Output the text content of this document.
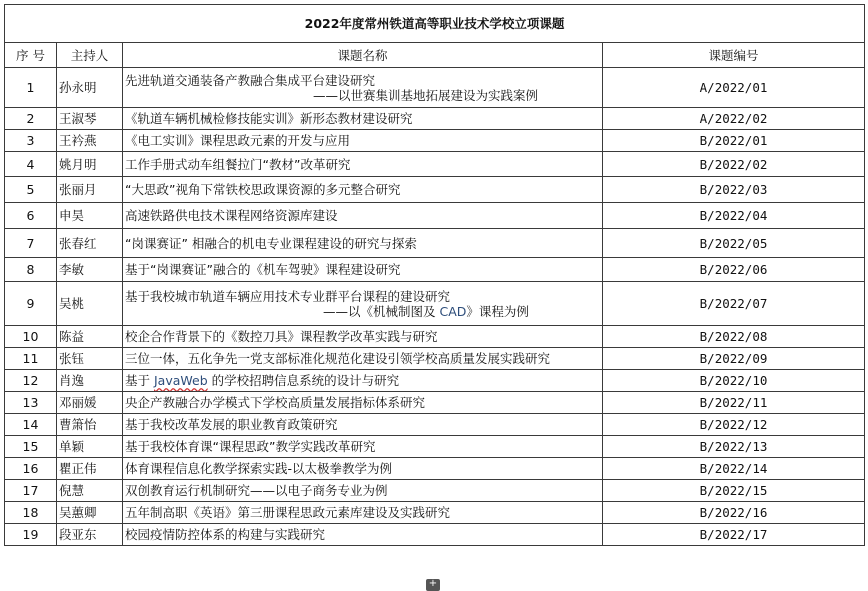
2022年度常州铁道高等职业技术学校立项课题			
序 号	主持人	课题名称	课题编号
1	孙永明	先进轨道交通装备产教融合集成平台建设研究
——以世赛集训基地拓展建设为实践案例	A/2022/01
2	王淑琴	《轨道车辆机械检修技能实训》新形态教材建设研究	A/2022/02
3	王衿燕	《电工实训》课程思政元素的开发与应用	B/2022/01
4	姚月明	工作手册式动车组餐拉门“教材”改革研究	B/2022/02
5	张丽月	“大思政”视角下常铁校思政课资源的多元整合研究	B/2022/03
6	申昊	高速铁路供电技术课程网络资源库建设	B/2022/04
7	张春红	“岗课赛证” 相融合的机电专业课程建设的研究与探索	B/2022/05
8	李敏	基于“岗课赛证”融合的《机车驾驶》课程建设研究	B/2022/06
9	吴桃	基于我校城市轨道车辆应用技术专业群平台课程的建设研究
——以《机械制图及 CAD》课程为例	B/2022/07
10	陈益	校企合作背景下的《数控刀具》课程教学改革实践与研究	B/2022/08
11	张钰	三位一体，五化争先一党支部标准化规范化建设引领学校高质量发展实践研究	B/2022/09
12	肖逸	基于 JavaWeb 的学校招聘信息系统的设计与研究	B/2022/10
13	邓丽媛	央企产教融合办学模式下学校高质量发展指标体系研究	B/2022/11
14	曹箫怡	基于我校改革发展的职业教育政策研究	B/2022/12
15	单颖	基于我校体育课“课程思政”教学实践改革研究	B/2022/13
16	瞿正伟	体育课程信息化教学探索实践-以太极拳教学为例	B/2022/14
17	倪慧	双创教育运行机制研究——以电子商务专业为例	B/2022/15
18	吴蕙卿	五年制高职《英语》第三册课程思政元素库建设及实践研究	B/2022/16
19	段亚东	校园疫情防控体系的构建与实践研究	B/2022/17
+
